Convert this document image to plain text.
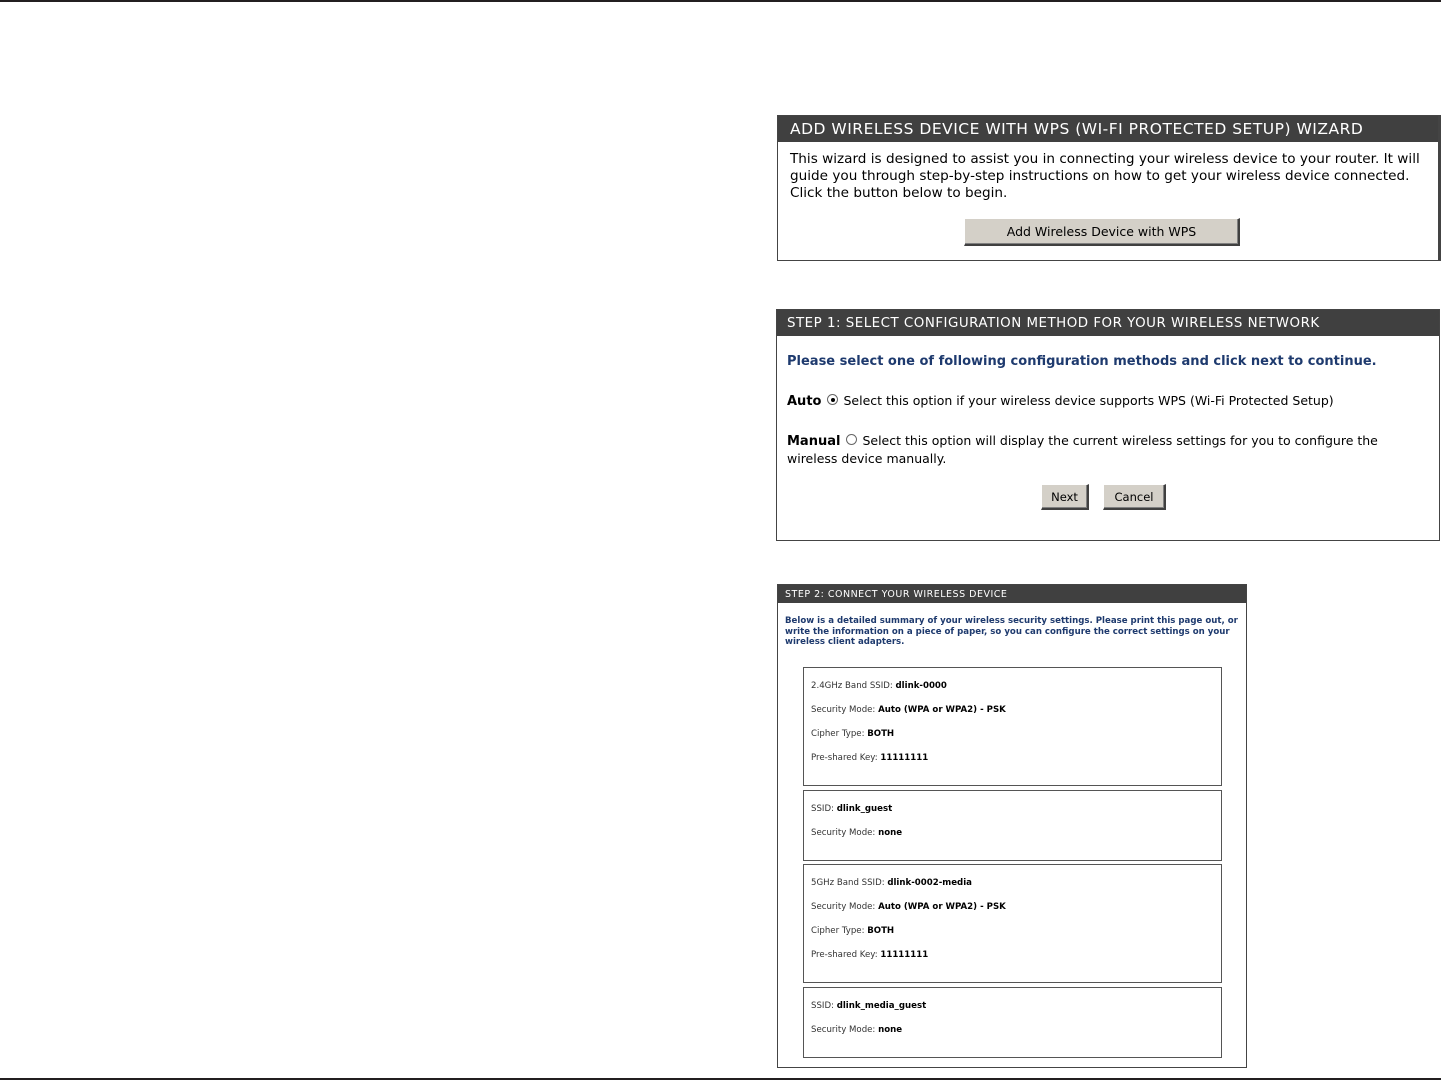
ADD WIRELESS DEVICE WITH WPS (WI-FI PROTECTED SETUP) WIZARD
This wizard is designed to assist you in connecting your wireless device to your router. It will guide you through step-by-step instructions on how to get your wireless device connected. Click the button below to begin.
Add Wireless Device with WPS
STEP 1: SELECT CONFIGURATION METHOD FOR YOUR WIRELESS NETWORK
Please select one of following configuration methods and click next to continue.
Auto Select this option if your wireless device supports WPS (Wi-Fi Protected Setup)
Manual Select this option will display the current wireless settings for you to configure the wireless device manually.
Next	Cancel
STEP 2: CONNECT YOUR WIRELESS DEVICE
Below is a detailed summary of your wireless security settings. Please print this page out, or write the information on a piece of paper, so you can configure the correct settings on your wireless client adapters.
2.4GHz Band SSID: dlink-0000
Security Mode: Auto (WPA or WPA2) - PSK
Cipher Type: BOTH
Pre-shared Key: 11111111
SSID: dlink_guest
Security Mode: none
5GHz Band SSID: dlink-0002-media
Security Mode: Auto (WPA or WPA2) - PSK
Cipher Type: BOTH
Pre-shared Key: 11111111
SSID: dlink_media_guest
Security Mode: none
